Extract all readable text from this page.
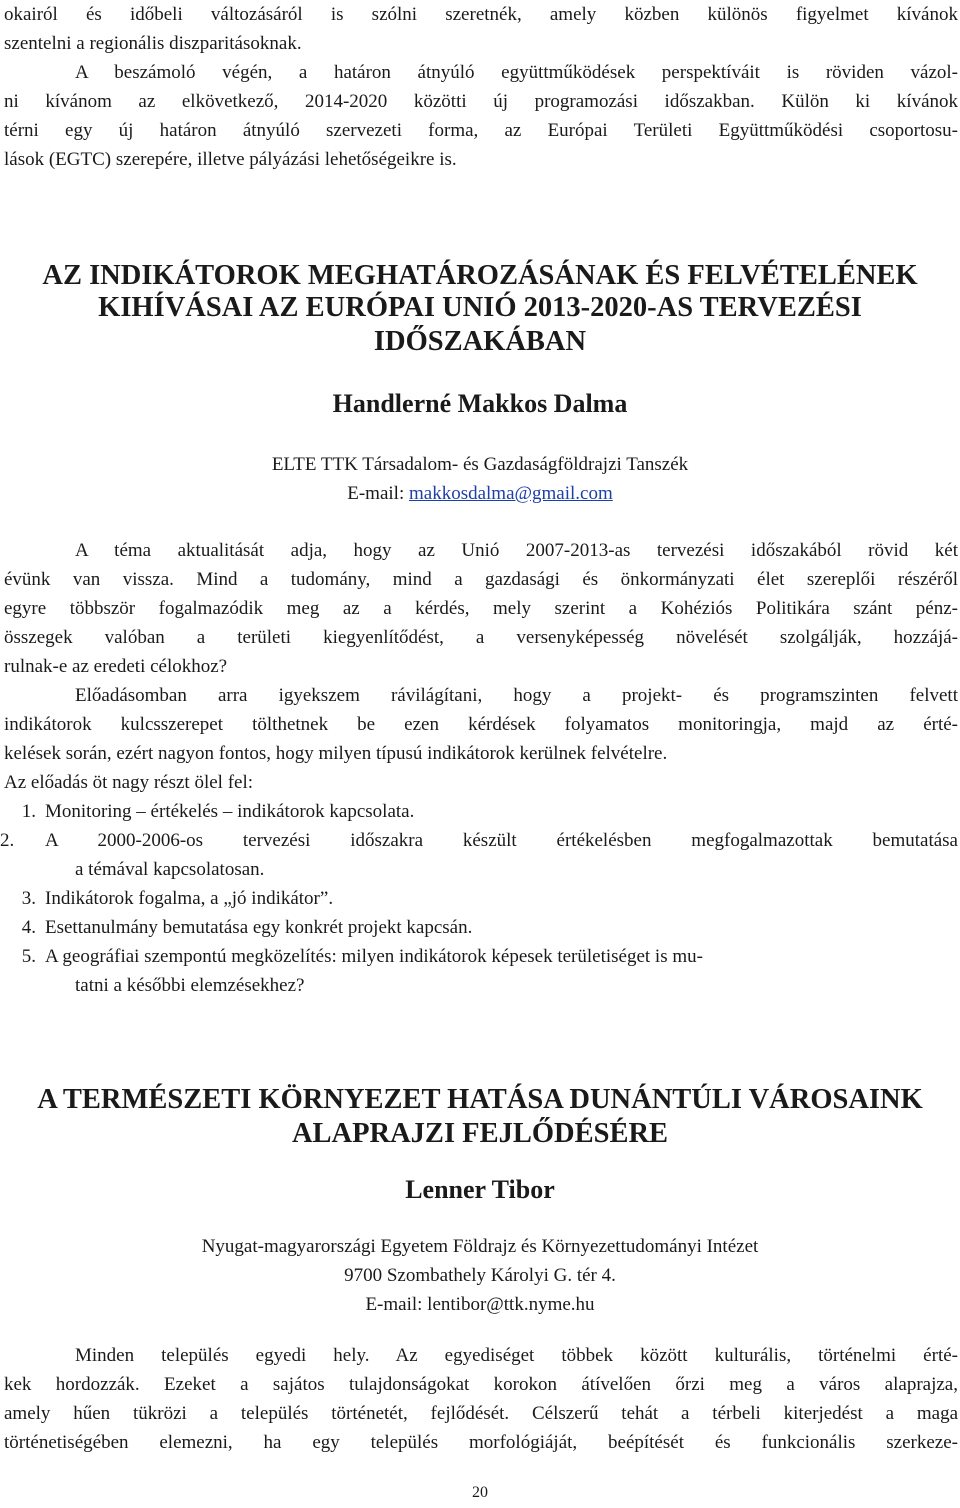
okairól és időbeli változásáról is szólni szeretnék, amely közben különös figyelmet kívánok
szentelni a regionális diszparitásoknak.
A beszámoló végén, a határon átnyúló együttműködések perspektíváit is röviden vázol-
ni kívánom az elkövetkező, 2014-2020 közötti új programozási időszakban. Külön ki kívánok
térni egy új határon átnyúló szervezeti forma, az Európai Területi Együttműködési csoportosu-
lások (EGTC) szerepére, illetve pályázási lehetőségeikre is.
AZ INDIKÁTOROK MEGHATÁROZÁSÁNAK ÉS FELVÉTELÉNEK
KIHÍVÁSAI AZ EURÓPAI UNIÓ 2013-2020-AS TERVEZÉSI
IDŐSZAKÁBAN
Handlerné Makkos Dalma
ELTE TTK Társadalom- és Gazdaságföldrajzi Tanszék
E-mail: makkosdalma@gmail.com
A téma aktualitását adja, hogy az Unió 2007-2013-as tervezési időszakából rövid két
évünk van vissza. Mind a tudomány, mind a gazdasági és önkormányzati élet szereplői részéről
egyre többször fogalmazódik meg az a kérdés, mely szerint a Kohéziós Politikára szánt pénz-
összegek valóban a területi kiegyenlítődést, a versenyképesség növelését szolgálják, hozzájá-
rulnak-e az eredeti célokhoz?
Előadásomban arra igyekszem rávilágítani, hogy a projekt- és programszinten felvett
indikátorok kulcsszerepet tölthetnek be ezen kérdések folyamatos monitoringja, majd az érté-
kelések során, ezért nagyon fontos, hogy milyen típusú indikátorok kerülnek felvételre.
Az előadás öt nagy részt ölel fel:
1. Monitoring – értékelés – indikátorok kapcsolata.
2. A 2000-2006-os tervezési időszakra készült értékelésben megfogalmazottak bemutatása
a témával kapcsolatosan.
3. Indikátorok fogalma, a „jó indikátor”.
4. Esettanulmány bemutatása egy konkrét projekt kapcsán.
5. A geográfiai szempontú megközelítés: milyen indikátorok képesek területiséget is mu-
tatni a későbbi elemzésekhez?
A TERMÉSZETI KÖRNYEZET HATÁSA DUNÁNTÚLI VÁROSAINK
ALAPRAJZI FEJLŐDÉSÉRE
Lenner Tibor
Nyugat-magyarországi Egyetem Földrajz és Környezettudományi Intézet
9700 Szombathely Károlyi G. tér 4.
E-mail: lentibor@ttk.nyme.hu
Minden település egyedi hely. Az egyediséget többek között kulturális, történelmi érté-
kek hordozzák. Ezeket a sajátos tulajdonságokat korokon átívelően őrzi meg a város alaprajza,
amely hűen tükrözi a település történetét, fejlődését. Célszerű tehát a térbeli kiterjedést a maga
történetiségében elemezni, ha egy település morfológiáját, beépítését és funkcionális szerkeze-
20
